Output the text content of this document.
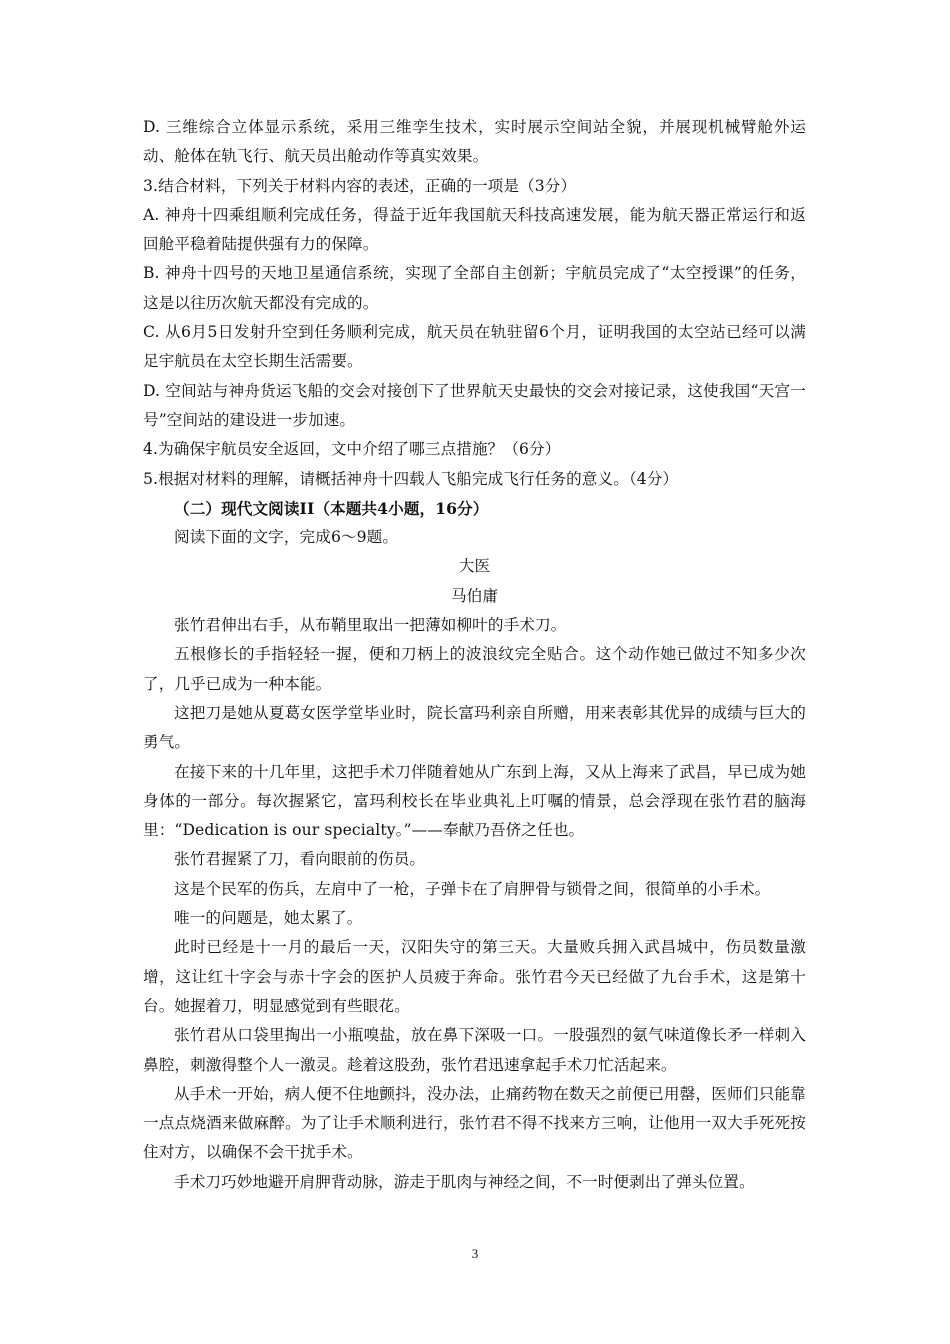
D. 三维综合立体显示系统，采用三维孪生技术，实时展示空间站全貌，并展现机械臂舱外运动、舱体在轨飞行、航天员出舱动作等真实效果。

3.结合材料，下列关于材料内容的表述，正确的一项是（3分）

A. 神舟十四乘组顺利完成任务，得益于近年我国航天科技高速发展，能为航天器正常运行和返回舱平稳着陆提供强有力的保障。

B. 神舟十四号的天地卫星通信系统，实现了全部自主创新；宇航员完成了“太空授课”的任务，这是以往历次航天都没有完成的。

C. 从6月5日发射升空到任务顺利完成，航天员在轨驻留6个月，证明我国的太空站已经可以满足宇航员在太空长期生活需要。

D. 空间站与神舟货运飞船的交会对接创下了世界航天史最快的交会对接记录，这使我国“天宫一号”空间站的建设进一步加速。

4.为确保宇航员安全返回，文中介绍了哪三点措施？（6分）

5.根据对材料的理解，请概括神舟十四载人飞船完成飞行任务的意义。（4分）

（二）现代文阅读II（本题共4小题，16分）

阅读下面的文字，完成6～9题。

大医

马伯庸

张竹君伸出右手，从布鞘里取出一把薄如柳叶的手术刀。

五根修长的手指轻轻一握，便和刀柄上的波浪纹完全贴合。这个动作她已做过不知多少次了，几乎已成为一种本能。

这把刀是她从夏葛女医学堂毕业时，院长富玛利亲自所赠，用来表彰其优异的成绩与巨大的勇气。

在接下来的十几年里，这把手术刀伴随着她从广东到上海，又从上海来了武昌，早已成为她身体的一部分。每次握紧它，富玛利校长在毕业典礼上叮嘱的情景，总会浮现在张竹君的脑海里：“Dedication is our specialty。”——奉献乃吾侪之任也。

张竹君握紧了刀，看向眼前的伤员。

这是个民军的伤兵，左肩中了一枪，子弹卡在了肩胛骨与锁骨之间，很简单的小手术。

唯一的问题是，她太累了。

此时已经是十一月的最后一天，汉阳失守的第三天。大量败兵拥入武昌城中，伤员数量激增，这让红十字会与赤十字会的医护人员疲于奔命。张竹君今天已经做了九台手术，这是第十台。她握着刀，明显感觉到有些眼花。

张竹君从口袋里掏出一小瓶嗅盐，放在鼻下深吸一口。一股强烈的氨气味道像长矛一样刺入鼻腔，刺激得整个人一激灵。趁着这股劲，张竹君迅速拿起手术刀忙活起来。

从手术一开始，病人便不住地颤抖，没办法，止痛药物在数天之前便已用罄，医师们只能靠一点点烧酒来做麻醉。为了让手术顺利进行，张竹君不得不找来方三响，让他用一双大手死死按住对方，以确保不会干扰手术。

手术刀巧妙地避开肩胛背动脉，游走于肌肉与神经之间，不一时便剥出了弹头位置。

3
